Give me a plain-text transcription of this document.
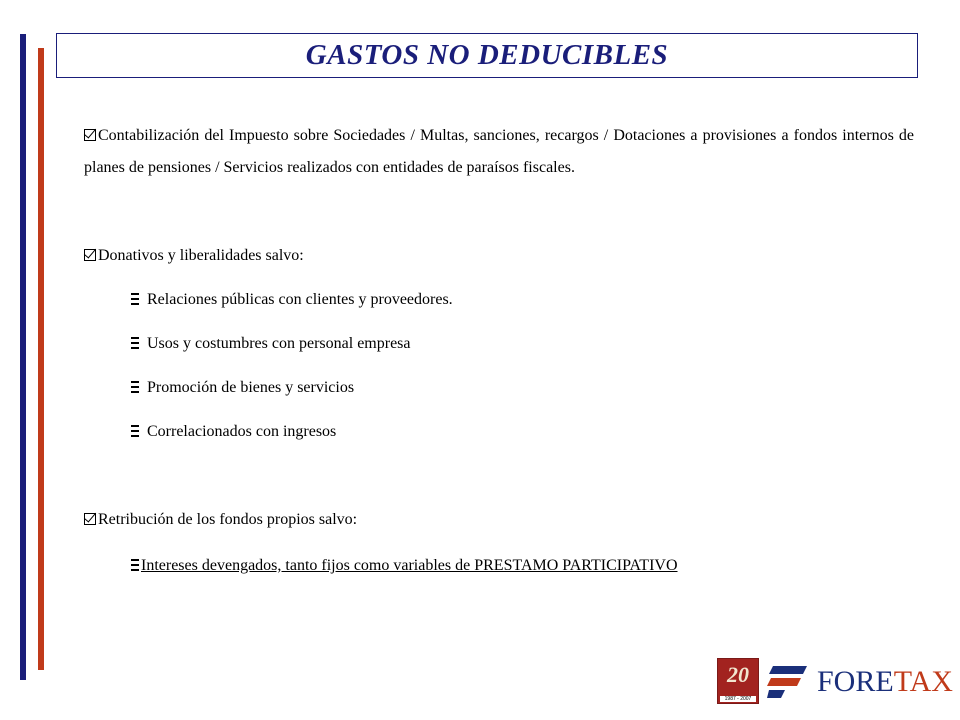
GASTOS NO DEDUCIBLES

Contabilización del Impuesto sobre Sociedades / Multas, sanciones, recargos / Dotaciones a provisiones a fondos internos de planes de pensiones / Servicios realizados con entidades de paraísos fiscales.

Donativos y liberalidades salvo:
Relaciones públicas con clientes y proveedores.
Usos y costumbres con personal empresa
Promoción de bienes y servicios
Correlacionados con ingresos
Retribución de los fondos propios salvo:
Intereses devengados, tanto fijos como variables de PRESTAMO PARTICIPATIVO
20
1987 - 2007
FORETAX
